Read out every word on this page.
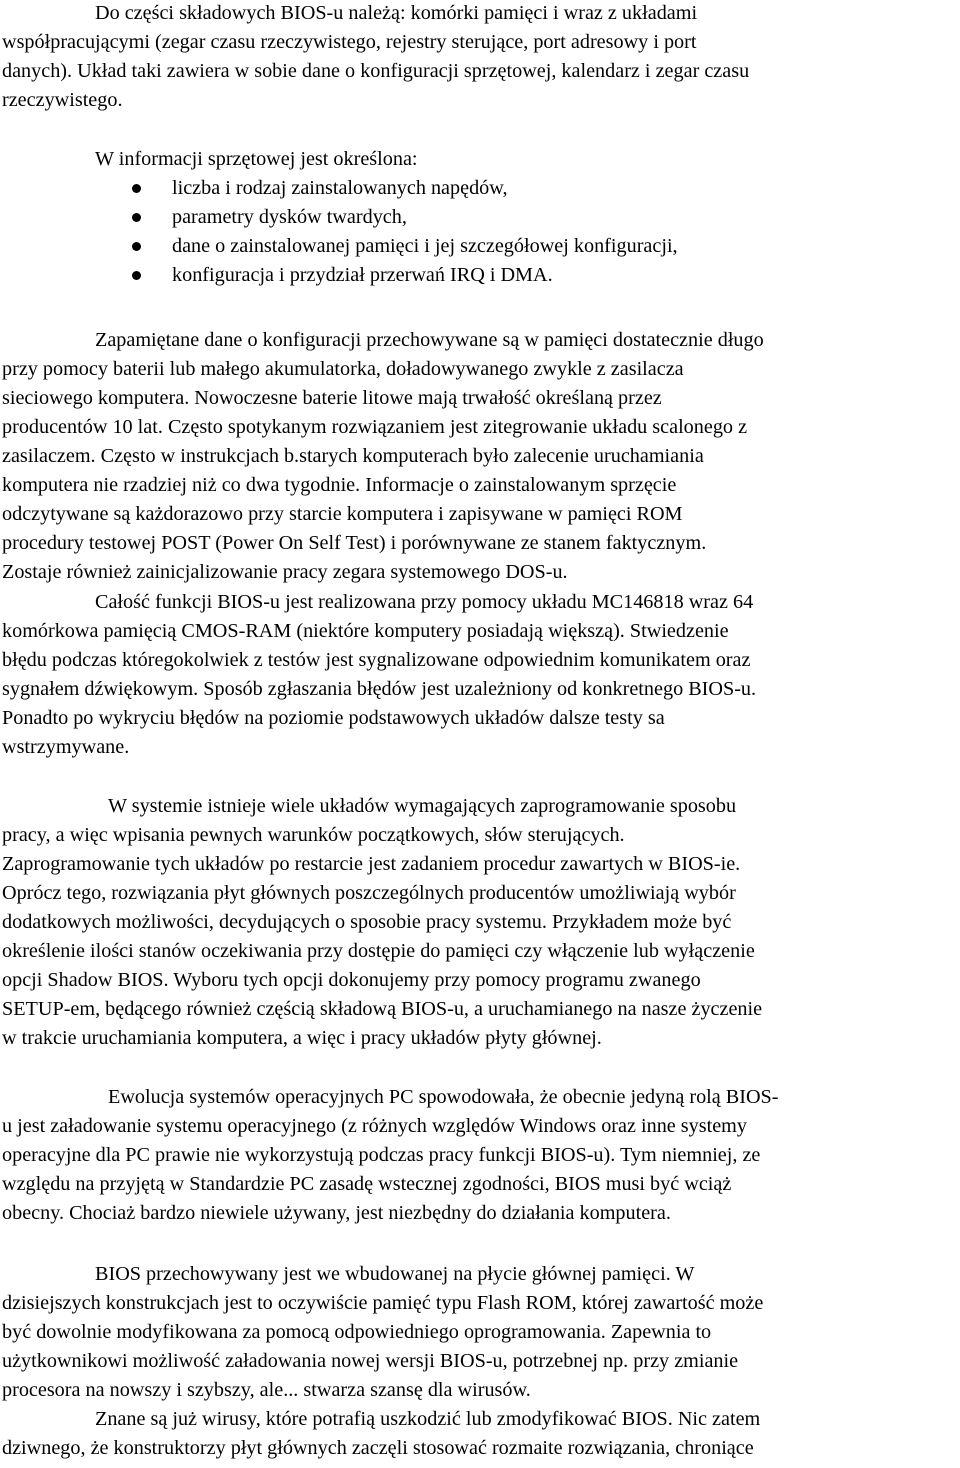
Do części składowych BIOS-u należą: komórki pamięci i wraz z układami
współpracującymi (zegar czasu rzeczywistego, rejestry sterujące, port adresowy i port
danych). Układ taki zawiera w sobie dane o konfiguracji sprzętowej, kalendarz i zegar czasu
rzeczywistego.
W informacji sprzętowej jest określona:
liczba i rodzaj zainstalowanych napędów,
parametry dysków twardych,
dane o zainstalowanej pamięci i jej szczegółowej konfiguracji,
konfiguracja i przydział przerwań IRQ i DMA.
Zapamiętane dane o konfiguracji przechowywane są w pamięci dostatecznie długo
przy pomocy baterii lub małego akumulatorka, doładowywanego zwykle z zasilacza
sieciowego komputera. Nowoczesne baterie litowe mają trwałość określaną przez
producentów 10 lat. Często spotykanym rozwiązaniem jest zitegrowanie układu scalonego z
zasilaczem. Często w instrukcjach b.starych komputerach było zalecenie uruchamiania
komputera nie rzadziej niż co dwa tygodnie. Informacje o zainstalowanym sprzęcie
odczytywane są każdorazowo przy starcie komputera i zapisywane w pamięci ROM
procedury testowej POST (Power On Self Test) i porównywane ze stanem faktycznym.
Zostaje również zainicjalizowanie pracy zegara systemowego DOS-u.
Całość funkcji BIOS-u jest realizowana przy pomocy układu MC146818 wraz 64
komórkowa pamięcią CMOS-RAM (niektóre komputery posiadają większą). Stwiedzenie
błędu podczas któregokolwiek z testów jest sygnalizowane odpowiednim komunikatem oraz
sygnałem dźwiękowym. Sposób zgłaszania błędów jest uzależniony od konkretnego BIOS-u.
Ponadto po wykryciu błędów na poziomie podstawowych układów dalsze testy sa
wstrzymywane.
W systemie istnieje wiele układów wymagających zaprogramowanie sposobu
pracy, a więc wpisania pewnych warunków początkowych, słów sterujących.
Zaprogramowanie tych układów po restarcie jest zadaniem procedur zawartych w BIOS-ie.
Oprócz tego, rozwiązania płyt głównych poszczególnych producentów umożliwiają wybór
dodatkowych możliwości, decydujących o sposobie pracy systemu. Przykładem może być
określenie ilości stanów oczekiwania przy dostępie do pamięci czy włączenie lub wyłączenie
opcji Shadow BIOS. Wyboru tych opcji dokonujemy przy pomocy programu zwanego
SETUP-em, będącego również częścią składową BIOS-u, a uruchamianego na nasze życzenie
w trakcie uruchamiania komputera, a więc i pracy układów płyty głównej.
Ewolucja systemów operacyjnych PC spowodowała, że obecnie jedyną rolą BIOS-
u jest załadowanie systemu operacyjnego (z różnych względów Windows oraz inne systemy
operacyjne dla PC prawie nie wykorzystują podczas pracy funkcji BIOS-u). Tym niemniej, ze
względu na przyjętą w Standardzie PC zasadę wstecznej zgodności, BIOS musi być wciąż
obecny. Chociaż bardzo niewiele używany, jest niezbędny do działania komputera.
BIOS przechowywany jest we wbudowanej na płycie głównej pamięci. W
dzisiejszych konstrukcjach jest to oczywiście pamięć typu Flash ROM, której zawartość może
być dowolnie modyfikowana za pomocą odpowiedniego oprogramowania. Zapewnia to
użytkownikowi możliwość załadowania nowej wersji BIOS-u, potrzebnej np. przy zmianie
procesora na nowszy i szybszy, ale... stwarza szansę dla wirusów.
Znane są już wirusy, które potrafią uszkodzić lub zmodyfikować BIOS. Nic zatem
dziwnego, że konstruktorzy płyt głównych zaczęli stosować rozmaite rozwiązania, chroniące
